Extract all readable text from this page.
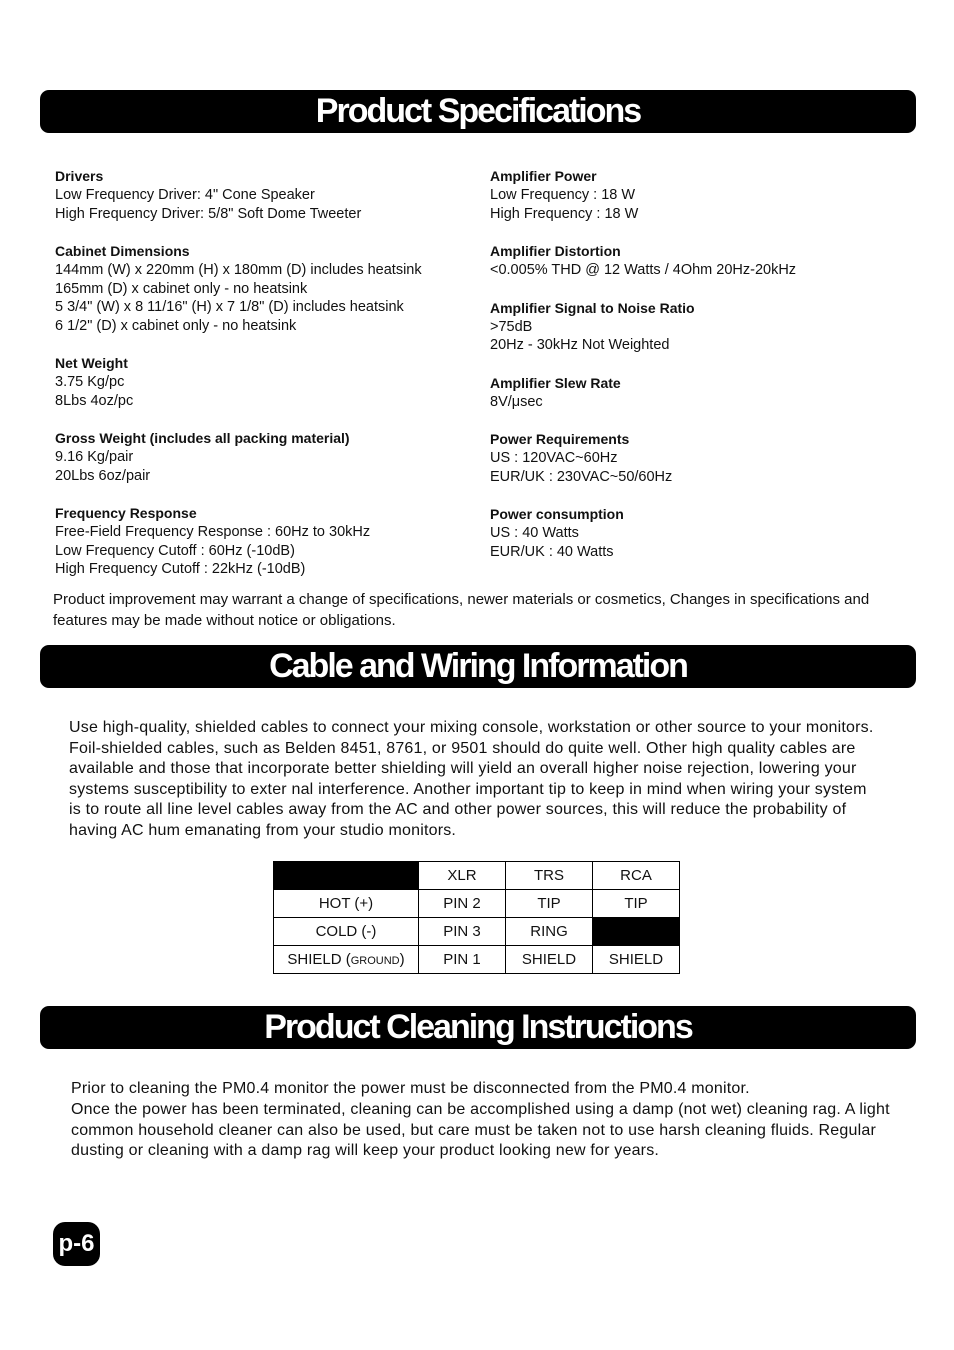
Product Specifications
Cable and Wiring Information
Product Cleaning Instructions
Drivers
Low Frequency Driver: 4" Cone Speaker
High Frequency Driver: 5/8" Soft Dome Tweeter
Cabinet Dimensions
144mm (W) x 220mm (H) x 180mm (D) includes heatsink
165mm (D) x cabinet only - no heatsink
5 3/4" (W) x 8 11/16" (H) x 7 1/8" (D) includes heatsink
6 1/2" (D) x cabinet only - no heatsink
Net Weight
3.75 Kg/pc
8Lbs 4oz/pc
Gross Weight (includes all packing material)
9.16 Kg/pair
20Lbs 6oz/pair
Frequency Response
Free-Field Frequency Response : 60Hz to 30kHz
Low Frequency Cutoff : 60Hz (-10dB)
High Frequency Cutoff : 22kHz (-10dB)
Amplifier Power
Low Frequency : 18 W
High Frequency : 18 W
Amplifier Distortion
<0.005% THD @ 12 Watts / 4Ohm 20Hz-20kHz
Amplifier Signal to Noise Ratio
>75dB
20Hz - 30kHz Not Weighted
Amplifier Slew Rate
8V/μsec
Power Requirements
US : 120VAC~60Hz
EUR/UK : 230VAC~50/60Hz
Power consumption
US : 40 Watts
EUR/UK : 40 Watts
Product improvement may warrant a change of specifications, newer materials or cosmetics, Changes in specifications and features may be made without notice or obligations.
Use high-quality, shielded cables to connect your mixing console, workstation or other source to your monitors. Foil-shielded cables, such as Belden 8451, 8761, or 9501 should do quite well. Other high quality cables are available and those that incorporate better shielding will yield an overall higher noise rejection, lowering your systems susceptibility to exter nal interference. Another important tip to keep in mind when wiring your system is to route all line level cables away from the AC and other power sources, this will reduce the probability of having AC hum emanating from your studio monitors.
	XLR	TRS	RCA
HOT (+)	PIN 2	TIP	TIP
COLD (-)	PIN 3	RING	
SHIELD (GROUND)	PIN 1	SHIELD	SHIELD
Prior to cleaning the PM0.4 monitor the power must be disconnected from the PM0.4 monitor.
Once the power has been terminated, cleaning can be accomplished using a damp (not wet) cleaning rag. A light common household cleaner can also be used, but care must be taken not to use harsh cleaning fluids. Regular dusting or cleaning with a damp rag will keep your product looking new for years.
p-6
